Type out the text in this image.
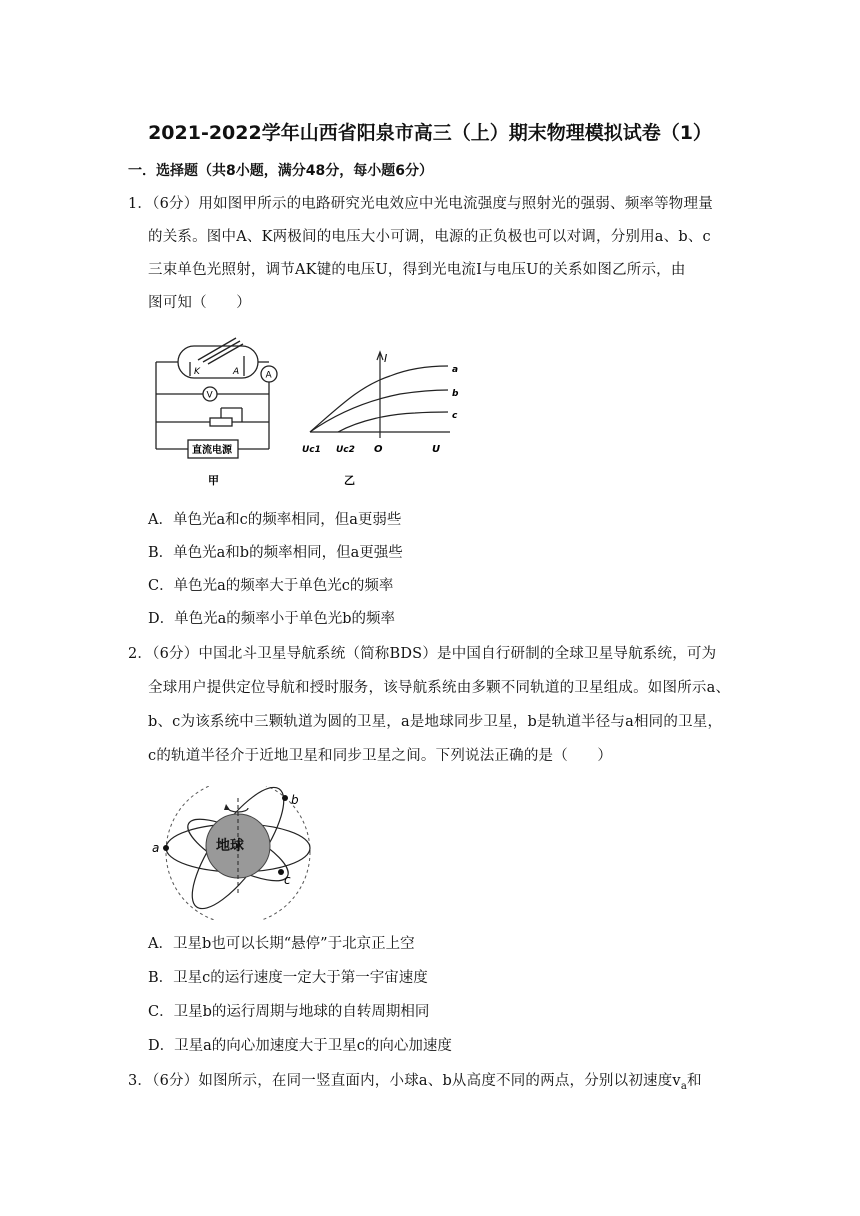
2021-2022学年山西省阳泉市高三（上）期末物理模拟试卷（1）
一．选择题（共8小题，满分48分，每小题6分）
1．（6分）用如图甲所示的电路研究光电效应中光电流强度与照射光的强弱、频率等物理量
的关系。图中A、K两极间的电压大小可调，电源的正负极也可以对调，分别用a、b、c
三束单色光照射，调节AK键的电压U，得到光电流I与电压U的关系如图乙所示，由
图可知（　　）
K	A	A
V
直流电源
甲
I
a
b
c
Uc1 Uc2 O	U
乙
A．单色光a和c的频率相同，但a更弱些
B．单色光a和b的频率相同，但a更强些
C．单色光a的频率大于单色光c的频率
D．单色光a的频率小于单色光b的频率
2．（6分）中国北斗卫星导航系统（简称BDS）是中国自行研制的全球卫星导航系统，可为
全球用户提供定位导航和授时服务，该导航系统由多颗不同轨道的卫星组成。如图所示a、
b、c为该系统中三颗轨道为圆的卫星，a是地球同步卫星，b是轨道半径与a相同的卫星，
c的轨道半径介于近地卫星和同步卫星之间。下列说法正确的是（　　）
地球
a
b
c
A．卫星b也可以长期“悬停”于北京正上空
B．卫星c的运行速度一定大于第一宇宙速度
C．卫星b的运行周期与地球的自转周期相同
D．卫星a的向心加速度大于卫星c的向心加速度
3．（6分）如图所示，在同一竖直面内，小球a、b从高度不同的两点，分别以初速度$v_a$和
